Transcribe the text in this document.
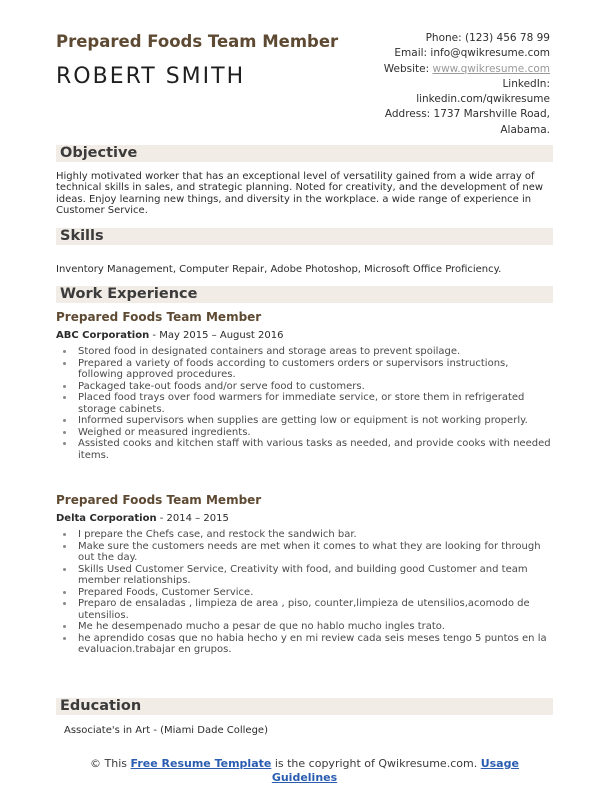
Prepared Foods Team Member
ROBERT SMITH
Phone: (123) 456 78 99
Email: info@qwikresume.com
Website: www.qwikresume.com
LinkedIn:
linkedin.com/qwikresume
Address: 1737 Marshville Road,
Alabama.
Objective
Highly motivated worker that has an exceptional level of versatility gained from a wide array of technical skills in sales, and strategic planning. Noted for creativity, and the development of new ideas. Enjoy learning new things, and diversity in the workplace. a wide range of experience in Customer Service.
Skills
Inventory Management, Computer Repair, Adobe Photoshop, Microsoft Office Proficiency.
Work Experience
Prepared Foods Team Member
ABC Corporation - May 2015 – August 2016
Stored food in designated containers and storage areas to prevent spoilage.
Prepared a variety of foods according to customers orders or supervisors instructions, following approved procedures.
Packaged take-out foods and/or serve food to customers.
Placed food trays over food warmers for immediate service, or store them in refrigerated storage cabinets.
Informed supervisors when supplies are getting low or equipment is not working properly.
Weighed or measured ingredients.
Assisted cooks and kitchen staff with various tasks as needed, and provide cooks with needed items.
Prepared Foods Team Member
Delta Corporation - 2014 – 2015
I prepare the Chefs case, and restock the sandwich bar.
Make sure the customers needs are met when it comes to what they are looking for through out the day.
Skills Used Customer Service, Creativity with food, and building good Customer and team member relationships.
Prepared Foods, Customer Service.
Preparo de ensaladas , limpieza de area , piso, counter,limpieza de utensilios,acomodo de utensilios.
Me he desempenado mucho a pesar de que no hablo mucho ingles trato.
he aprendido cosas que no habia hecho y en mi review cada seis meses tengo 5 puntos en la evaluacion.trabajar en grupos.
Education
Associate's in Art - (Miami Dade College)
© This Free Resume Template is the copyright of Qwikresume.com. Usage Guidelines
